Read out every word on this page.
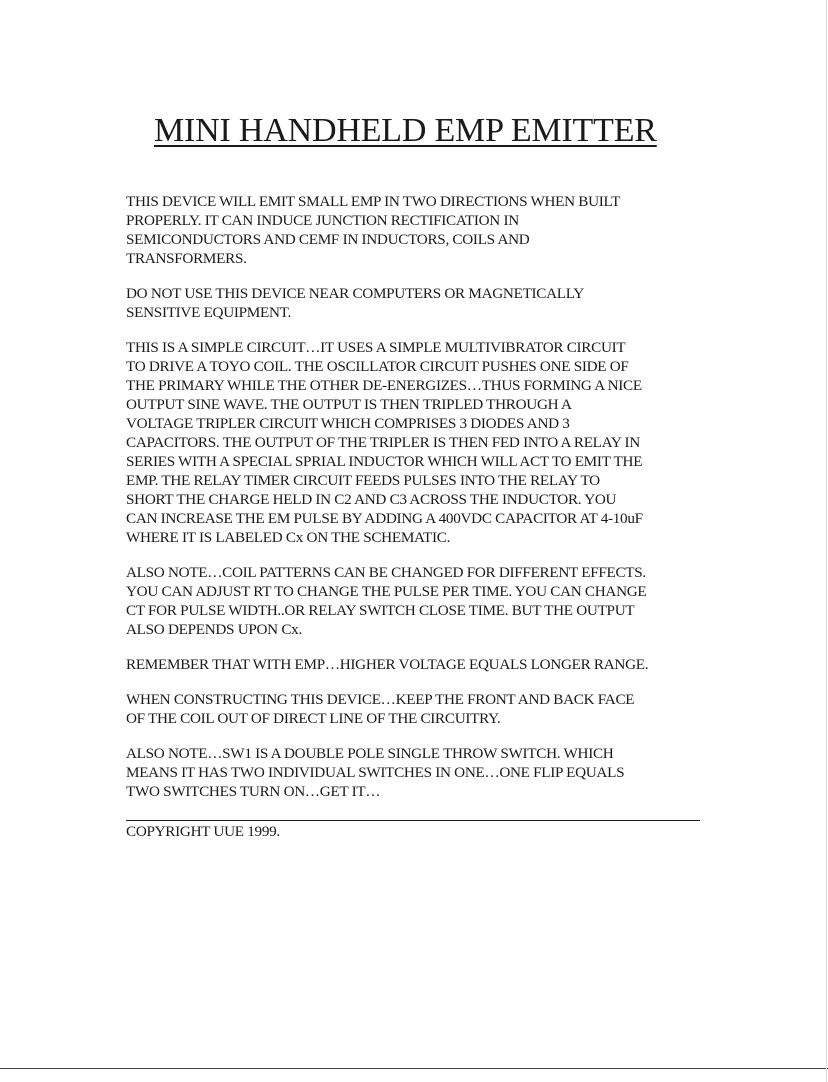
MINI HANDHELD EMP EMITTER

THIS DEVICE WILL EMIT SMALL EMP IN TWO DIRECTIONS WHEN BUILT
PROPERLY. IT CAN INDUCE JUNCTION RECTIFICATION IN
SEMICONDUCTORS AND CEMF IN INDUCTORS, COILS AND
TRANSFORMERS.

DO NOT USE THIS DEVICE NEAR COMPUTERS OR MAGNETICALLY
SENSITIVE EQUIPMENT.

THIS IS A SIMPLE CIRCUIT…IT USES A SIMPLE MULTIVIBRATOR CIRCUIT
TO DRIVE A TOYO COIL. THE OSCILLATOR CIRCUIT PUSHES ONE SIDE OF
THE PRIMARY WHILE THE OTHER DE-ENERGIZES…THUS FORMING A NICE
OUTPUT SINE WAVE. THE OUTPUT IS THEN TRIPLED THROUGH A
VOLTAGE TRIPLER CIRCUIT WHICH COMPRISES 3 DIODES AND 3
CAPACITORS. THE OUTPUT OF THE TRIPLER IS THEN FED INTO A RELAY IN
SERIES WITH A SPECIAL SPRIAL INDUCTOR WHICH WILL ACT TO EMIT THE
EMP. THE RELAY TIMER CIRCUIT FEEDS PULSES INTO THE RELAY TO
SHORT THE CHARGE HELD IN C2 AND C3 ACROSS THE INDUCTOR. YOU
CAN INCREASE THE EM PULSE BY ADDING A 400VDC CAPACITOR AT 4-10uF
WHERE IT IS LABELED Cx ON THE SCHEMATIC.

ALSO NOTE…COIL PATTERNS CAN BE CHANGED FOR DIFFERENT EFFECTS.
YOU CAN ADJUST RT TO CHANGE THE PULSE PER TIME. YOU CAN CHANGE
CT FOR PULSE WIDTH..OR RELAY SWITCH CLOSE TIME. BUT THE OUTPUT
ALSO DEPENDS UPON Cx.

REMEMBER THAT WITH EMP…HIGHER VOLTAGE EQUALS LONGER RANGE.

WHEN CONSTRUCTING THIS DEVICE…KEEP THE FRONT AND BACK FACE
OF THE COIL OUT OF DIRECT LINE OF THE CIRCUITRY.

ALSO NOTE…SW1 IS A DOUBLE POLE SINGLE THROW SWITCH. WHICH
MEANS IT HAS TWO INDIVIDUAL SWITCHES IN ONE…ONE FLIP EQUALS
TWO SWITCHES TURN ON…GET IT…

COPYRIGHT UUE 1999.
